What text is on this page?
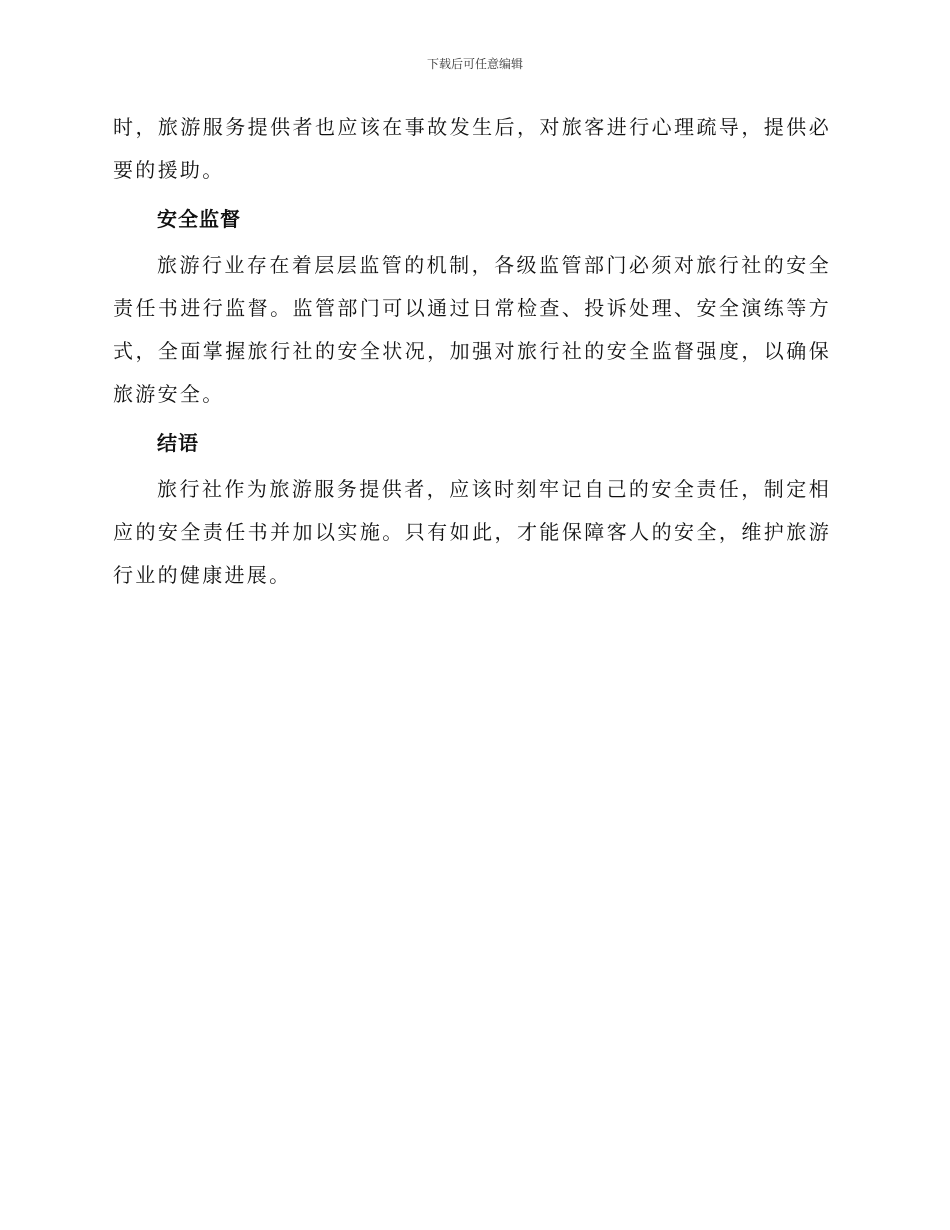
下载后可任意编辑

时，旅游服务提供者也应该在事故发生后，对旅客进行心理疏导，提供必要的援助。

安全监督

旅游行业存在着层层监管的机制，各级监管部门必须对旅行社的安全责任书进行监督。监管部门可以通过日常检查、投诉处理、安全演练等方式，全面掌握旅行社的安全状况，加强对旅行社的安全监督强度，以确保旅游安全。

结语

旅行社作为旅游服务提供者，应该时刻牢记自己的安全责任，制定相应的安全责任书并加以实施。只有如此，才能保障客人的安全，维护旅游行业的健康进展。
